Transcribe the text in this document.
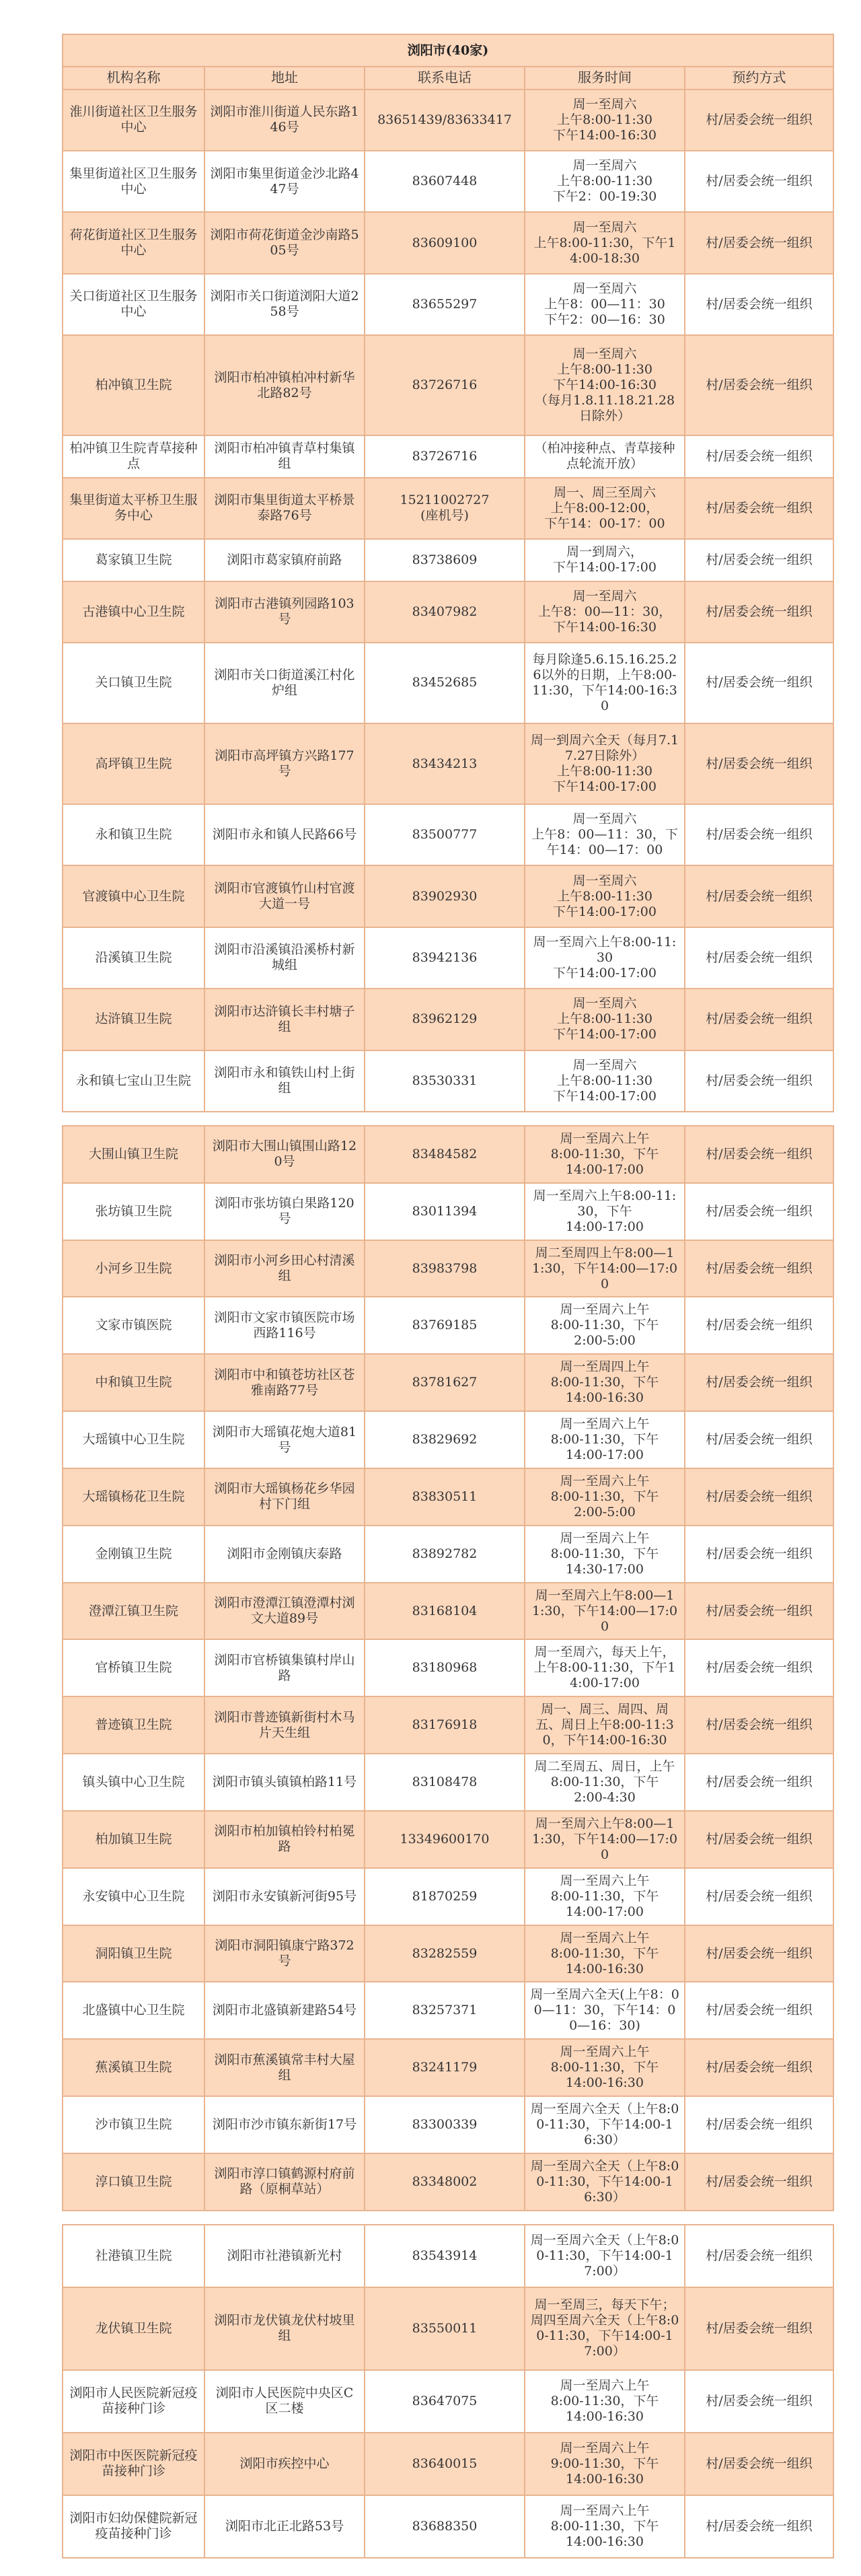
浏阳市(40家)				
机构名称	地址	联系电话	服务时间	预约方式
淮川街道社区卫生服务中心	浏阳市淮川街道人民东路146号	83651439/83633417	周一至周六
上午8:00-11:30
下午14:00-16:30	村/居委会统一组织
集里街道社区卫生服务中心	浏阳市集里街道金沙北路447号	83607448	周一至周六
上午8:00-11:30
下午2：00-19:30	村/居委会统一组织
荷花街道社区卫生服务中心	浏阳市荷花街道金沙南路505号	83609100	周一至周六
上午8:00-11:30，下午14:00-18:30	村/居委会统一组织
关口街道社区卫生服务中心	浏阳市关口街道浏阳大道258号	83655297	周一至周六
上午8：00—11：30
下午2：00—16：30	村/居委会统一组织
柏冲镇卫生院	浏阳市柏冲镇柏冲村新华北路82号	83726716	周一至周六
上午8:00-11:30
下午14:00-16:30
（每月1.8.11.18.21.28日除外）	村/居委会统一组织
柏冲镇卫生院青草接种点	浏阳市柏冲镇青草村集镇组	83726716	（柏冲接种点、青草接种点轮流开放）	村/居委会统一组织
集里街道太平桥卫生服务中心	浏阳市集里街道太平桥景泰路76号	15211002727
(座机号)	周一、周三至周六
上午8:00-12:00，
下午14：00-17：00	村/居委会统一组织
葛家镇卫生院	浏阳市葛家镇府前路	83738609	周一到周六，
下午14:00-17:00	村/居委会统一组织
古港镇中心卫生院	浏阳市古港镇列园路103号	83407982	周一至周六
上午8：00—11：30，
下午14:00-16:30	村/居委会统一组织
关口镇卫生院	浏阳市关口街道溪江村化炉组	83452685	每月除逢5.6.15.16.25.26以外的日期，上午8:00-11:30，下午14:00-16:30	村/居委会统一组织
高坪镇卫生院	浏阳市高坪镇方兴路177号	83434213	周一到周六全天（每月7.17.27日除外）
上午8:00-11:30
下午14:00-17:00	村/居委会统一组织
永和镇卫生院	浏阳市永和镇人民路66号	83500777	周一至周六
上午8：00—11：30，下午14：00—17：00	村/居委会统一组织
官渡镇中心卫生院	浏阳市官渡镇竹山村官渡大道一号	83902930	周一至周六
上午8:00-11:30
下午14:00-17:00	村/居委会统一组织
沿溪镇卫生院	浏阳市沿溪镇沿溪桥村新城组	83942136	周一至周六上午8:00-11:30
下午14:00-17:00	村/居委会统一组织
达浒镇卫生院	浏阳市达浒镇长丰村塘子组	83962129	周一至周六
上午8:00-11:30
下午14:00-17:00	村/居委会统一组织
永和镇七宝山卫生院	浏阳市永和镇铁山村上街组	83530331	周一至周六
上午8:00-11:30
下午14:00-17:00	村/居委会统一组织
大围山镇卫生院	浏阳市大围山镇围山路120号	83484582	周一至周六上午
8:00-11:30，下午
14:00-17:00	村/居委会统一组织
张坊镇卫生院	浏阳市张坊镇白果路120号	83011394	周一至周六上午8:00-11:30，下午
14:00-17:00	村/居委会统一组织
小河乡卫生院	浏阳市小河乡田心村清溪组	83983798	周二至周四上午8:00—11:30，下午14:00—17:00	村/居委会统一组织
文家市镇医院	浏阳市文家市镇医院市场西路116号	83769185	周一至周六上午
8:00-11:30，下午
2:00-5:00	村/居委会统一组织
中和镇卫生院	浏阳市中和镇苍坊社区苍雅南路77号	83781627	周一至周四上午
8:00-11:30，下午
14:00-16:30	村/居委会统一组织
大瑶镇中心卫生院	浏阳市大瑶镇花炮大道81号	83829692	周一至周六上午
8:00-11:30，下午
14:00-17:00	村/居委会统一组织
大瑶镇杨花卫生院	浏阳市大瑶镇杨花乡华园村下门组	83830511	周一至周六上午
8:00-11:30，下午
2:00-5:00	村/居委会统一组织
金刚镇卫生院	浏阳市金刚镇庆泰路	83892782	周一至周六上午
8:00-11:30，下午
14:30-17:00	村/居委会统一组织
澄潭江镇卫生院	浏阳市澄潭江镇澄潭村浏文大道89号	83168104	周一至周六上午8:00—11:30，下午14:00—17:00	村/居委会统一组织
官桥镇卫生院	浏阳市官桥镇集镇村岸山路	83180968	周一至周六，每天上午，上午8:00-11:30，下午14:00-17:00	村/居委会统一组织
普迹镇卫生院	浏阳市普迹镇新街村木马片天生组	83176918	周一、周三、周四、周五、周日上午8:00-11:30，下午14:00-16:30	村/居委会统一组织
镇头镇中心卫生院	浏阳市镇头镇镇柏路11号	83108478	周二至周五、周日，上午8:00-11:30，下午
2:00-4:30	村/居委会统一组织
柏加镇卫生院	浏阳市柏加镇柏铃村柏冕路	13349600170	周一至周六上午8:00—11:30，下午14:00—17:00	村/居委会统一组织
永安镇中心卫生院	浏阳市永安镇新河街95号	81870259	周一至周六上午
8:00-11:30，下午
14:00-17:00	村/居委会统一组织
洞阳镇卫生院	浏阳市洞阳镇康宁路372号	83282559	周一至周六上午
8:00-11:30，下午
14:00-16:30	村/居委会统一组织
北盛镇中心卫生院	浏阳市北盛镇新建路54号	83257371	周一至周六全天(上午8：00—11：30，下午14：00—16：30)	村/居委会统一组织
蕉溪镇卫生院	浏阳市蕉溪镇常丰村大屋组	83241179	周一至周六上午
8:00-11:30，下午
14:00-16:30	村/居委会统一组织
沙市镇卫生院	浏阳市沙市镇东新街17号	83300339	周一至周六全天（上午8:00-11:30，下午14:00-16:30）	村/居委会统一组织
淳口镇卫生院	浏阳市淳口镇鹤源村府前路（原桐草站）	83348002	周一至周六全天（上午8:00-11:30，下午14:00-16:30）	村/居委会统一组织
社港镇卫生院	浏阳市社港镇新光村	83543914	周一至周六全天（上午8:00-11:30，下午14:00-17:00）	村/居委会统一组织
龙伏镇卫生院	浏阳市龙伏镇龙伏村坡里组	83550011	周一至周三，每天下午；周四至周六全天（上午8:00-11:30，下午14:00-17:00）	村/居委会统一组织
浏阳市人民医院新冠疫苗接种门诊	浏阳市人民医院中央区C区二楼	83647075	周一至周六上午
8:00-11:30，下午
14:00-16:30	村/居委会统一组织
浏阳市中医医院新冠疫苗接种门诊	浏阳市疾控中心	83640015	周一至周六上午
9:00-11:30，下午
14:00-16:30	村/居委会统一组织
浏阳市妇幼保健院新冠疫苗接种门诊	浏阳市北正北路53号	83688350	周一至周六上午
8:00-11:30，下午
14:00-16:30	村/居委会统一组织
